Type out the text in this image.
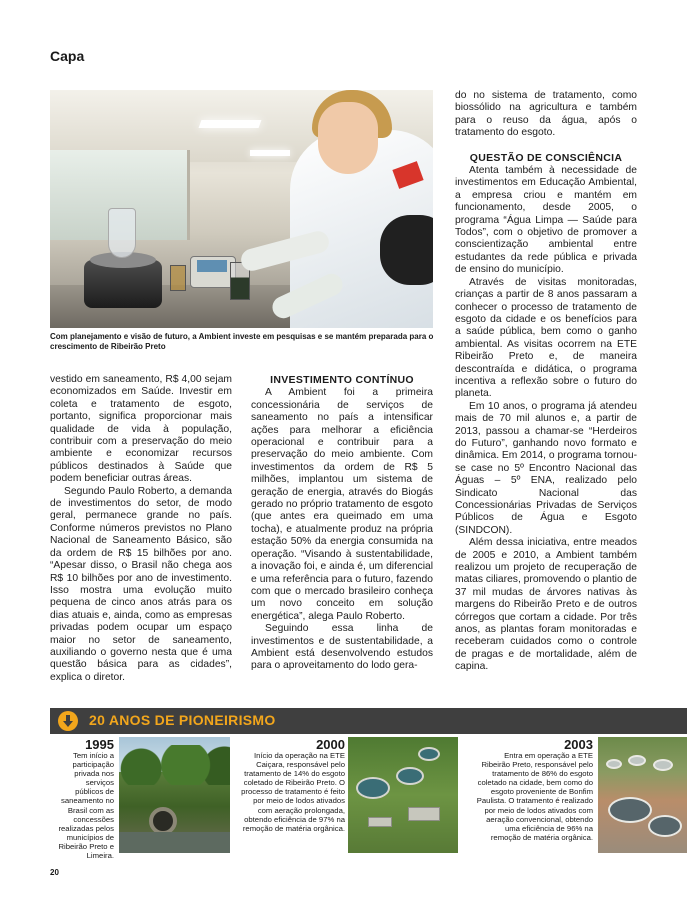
Capa
Com planejamento e visão de futuro, a Ambient investe em pesquisas e se mantém preparada para o crescimento de Ribeirão Preto

vestido em saneamento, R$ 4,00 sejam economizados em Saúde. Investir em coleta e tratamento de esgoto, portanto, significa proporcionar mais qualidade de vida à população, contribuir com a preservação do meio ambiente e economizar recursos públicos destinados à Saúde que podem beneficiar outras áreas.

Segundo Paulo Roberto, a demanda de investimentos do setor, de modo geral, permanece grande no país. Conforme números previstos no Plano Nacional de Saneamento Básico, são da ordem de R$ 15 bilhões por ano. “Apesar disso, o Brasil não chega aos R$ 10 bilhões por ano de investimento. Isso mostra uma evolução muito pequena de cinco anos atrás para os dias atuais e, ainda, como as empresas privadas podem ocupar um espaço maior no setor de saneamento, auxiliando o governo nesta que é uma questão básica para as cidades”, explica o diretor.

INVESTIMENTO CONTÍNUO

A Ambient foi a primeira concessionária de serviços de saneamento no país a intensificar ações para melhorar a eficiência operacional e contribuir para a preservação do meio ambiente. Com investimentos da ordem de R$ 5 milhões, implantou um sistema de geração de energia, através do Biogás gerado no próprio tratamento de esgoto (que antes era queimado em uma tocha), e atualmente produz na própria estação 50% da energia consumida na operação. “Visando à sustentabilidade, a inovação foi, e ainda é, um diferencial e uma referência para o futuro, fazendo com que o mercado brasileiro conheça um novo conceito em solução energética”, alega Paulo Roberto.

Seguindo essa linha de investimentos e de sustentabilidade, a Ambient está desenvolvendo estudos para o aproveitamento do lodo gera-

do no sistema de tratamento, como biossólido na agricultura e também para o reuso da água, após o tratamento do esgoto.

QUESTÃO DE CONSCIÊNCIA

Atenta também à necessidade de investimentos em Educação Ambiental, a empresa criou e mantém em funcionamento, desde 2005, o programa “Água Limpa — Saúde para Todos”, com o objetivo de promover a conscientização ambiental entre estudantes da rede pública e privada de ensino do município.

Através de visitas monitoradas, crianças a partir de 8 anos passaram a conhecer o processo de tratamento de esgoto da cidade e os benefícios para a saúde pública, bem como o ganho ambiental. As visitas ocorrem na ETE Ribeirão Preto e, de maneira descontraída e didática, o programa incentiva a reflexão sobre o futuro do planeta.

Em 10 anos, o programa já atendeu mais de 70 mil alunos e, a partir de 2013, passou a chamar-se “Herdeiros do Futuro”, ganhando novo formato e dinâmica. Em 2014, o programa tornou-se case no 5º Encontro Nacional das Águas – 5º ENA, realizado pelo Sindicato Nacional das Concessionárias Privadas de Serviços Públicos de Água e Esgoto (SINDCON).

Além dessa iniciativa, entre meados de 2005 e 2010, a Ambient também realizou um projeto de recuperação de matas ciliares, promovendo o plantio de 37 mil mudas de árvores nativas às margens do Ribeirão Preto e de outros córregos que cortam a cidade. Por três anos, as plantas foram monitoradas e receberam cuidados como o controle de pragas e de mortalidade, além de capina.

20 ANOS DE PIONEIRISMO
1995
Tem início a participação privada nos serviços públicos de saneamento no Brasil com as concessões realizadas pelos municípios de Ribeirão Preto e Limeira.
2000
Início da operação na ETE Caiçara, responsável pelo tratamento de 14% do esgoto coletado de Ribeirão Preto. O processo de tratamento é feito por meio de lodos ativados com aeração prolongada, obtendo eficiência de 97% na remoção de matéria orgânica.
2003
Entra em operação a ETE Ribeirão Preto, responsável pelo tratamento de 86% do esgoto coletado na cidade, bem como do esgoto proveniente de Bonfim Paulista. O tratamento é realizado por meio de lodos ativados com aeração convencional, obtendo uma eficiência de 96% na remoção de matéria orgânica.
20
